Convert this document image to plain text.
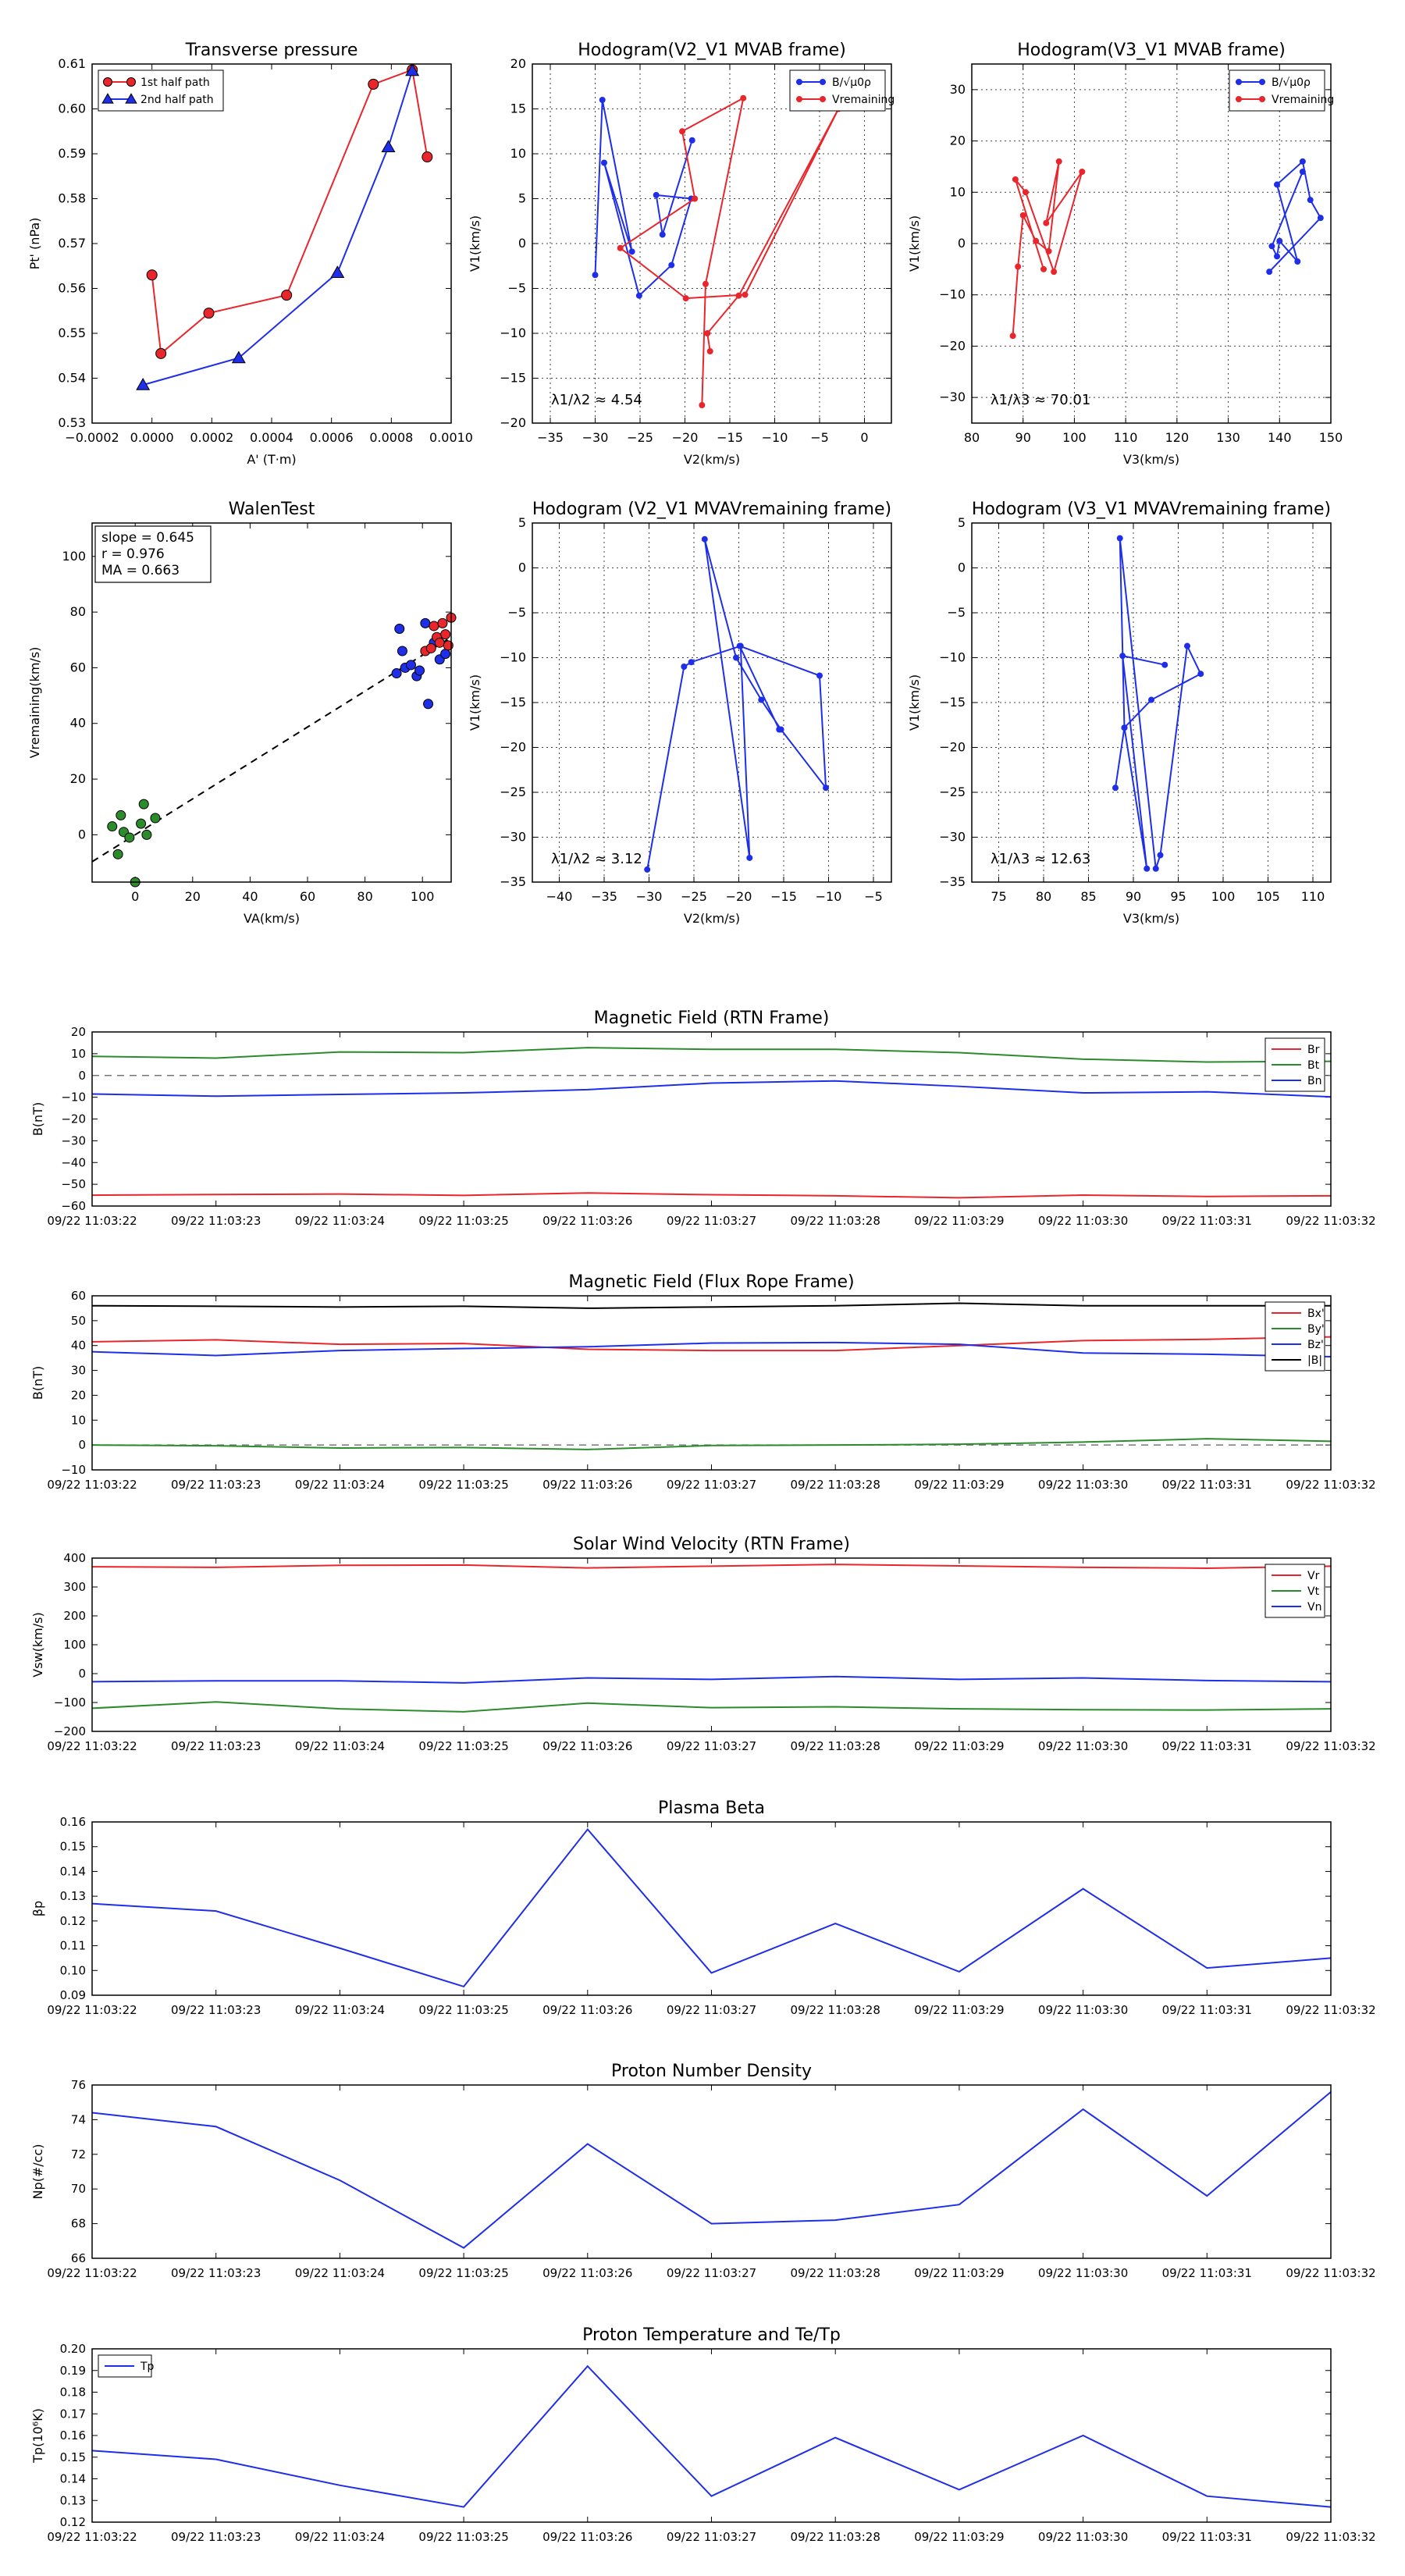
−0.0002 0.0000 0.0002 0.0004 0.0006 0.0008 0.0010
0.53
0.54
0.55
0.56
0.57
0.58
0.59
0.60
0.61
Transverse pressure
A' (T·m)
Pt' (nPa)
1st half path
2nd half path
−35 −30 −25 −20 −15 −10 −5	0
−20
−15
−10
−5
0
5
10
15
20
Hodogram(V2_V1 MVAB frame)
V2(km/s)
V1(km/s)
λ1/λ2 ≈ 4.54
B/√μ0ρ
Vremaining
80	90	100 110 120 130 140 150
−30
−20
−10
0
10
20
30
Hodogram(V3_V1 MVAB frame)
V3(km/s)
V1(km/s)
λ1/λ3 ≈ 70.01
B/√μ0ρ
Vremaining
0	20	40	60	80	100
0
20
40
60
80
100
WalenTest
VA(km/s)
Vremaining(km/s)
slope = 0.645
r = 0.976
MA = 0.663
−40 −35 −30 −25 −20 −15 −10 −5
−35
−30
−25
−20
−15
−10
−5
0
5
Hodogram (V2_V1 MVAVremaining frame)
V2(km/s)
V1(km/s)
λ1/λ2 ≈ 3.12
75 80 85 90 95 100 105 110
−35
−30
−25
−20
−15
−10
−5
0
5
Hodogram (V3_V1 MVAVremaining frame)
V3(km/s)
V1(km/s)
λ1/λ3 ≈ 12.63
09/22 11:03:22	09/22 11:03:23	09/22 11:03:24	09/22 11:03:25	09/22 11:03:26	09/22 11:03:27	09/22 11:03:28	09/22 11:03:29	09/22 11:03:30	09/22 11:03:31	09/22 11:03:32
−60
−50
−40
−30
−20
−10
0
10
20
Magnetic Field (RTN Frame)
B(nT)
Br
Bt
Bn
09/22 11:03:22	09/22 11:03:23	09/22 11:03:24	09/22 11:03:25	09/22 11:03:26	09/22 11:03:27	09/22 11:03:28	09/22 11:03:29	09/22 11:03:30	09/22 11:03:31	09/22 11:03:32
−10
0
10
20
30
40
50
60
Magnetic Field (Flux Rope Frame)
B(nT)
Bx'
By'
Bz'
|B|
09/22 11:03:22	09/22 11:03:23	09/22 11:03:24	09/22 11:03:25	09/22 11:03:26	09/22 11:03:27	09/22 11:03:28	09/22 11:03:29	09/22 11:03:30	09/22 11:03:31	09/22 11:03:32
−200
−100
0
100
200
300
400
Solar Wind Velocity (RTN Frame)
Vsw(km/s)
Vr
Vt
Vn
09/22 11:03:22	09/22 11:03:23	09/22 11:03:24	09/22 11:03:25	09/22 11:03:26	09/22 11:03:27	09/22 11:03:28	09/22 11:03:29	09/22 11:03:30	09/22 11:03:31	09/22 11:03:32
0.09
0.10
0.11
0.12
0.13
0.14
0.15
0.16
Plasma Beta
βp
09/22 11:03:22	09/22 11:03:23	09/22 11:03:24	09/22 11:03:25	09/22 11:03:26	09/22 11:03:27	09/22 11:03:28	09/22 11:03:29	09/22 11:03:30	09/22 11:03:31	09/22 11:03:32
66
68
70
72
74
76
Proton Number Density
Np(#/cc)
09/22 11:03:22	09/22 11:03:23	09/22 11:03:24	09/22 11:03:25	09/22 11:03:26	09/22 11:03:27	09/22 11:03:28	09/22 11:03:29	09/22 11:03:30	09/22 11:03:31	09/22 11:03:32
0.12
0.13
0.14
0.15
0.16
0.17
0.18
0.19
0.20
Proton Temperature and Te/Tp
Tp(10⁶K)
Tp
